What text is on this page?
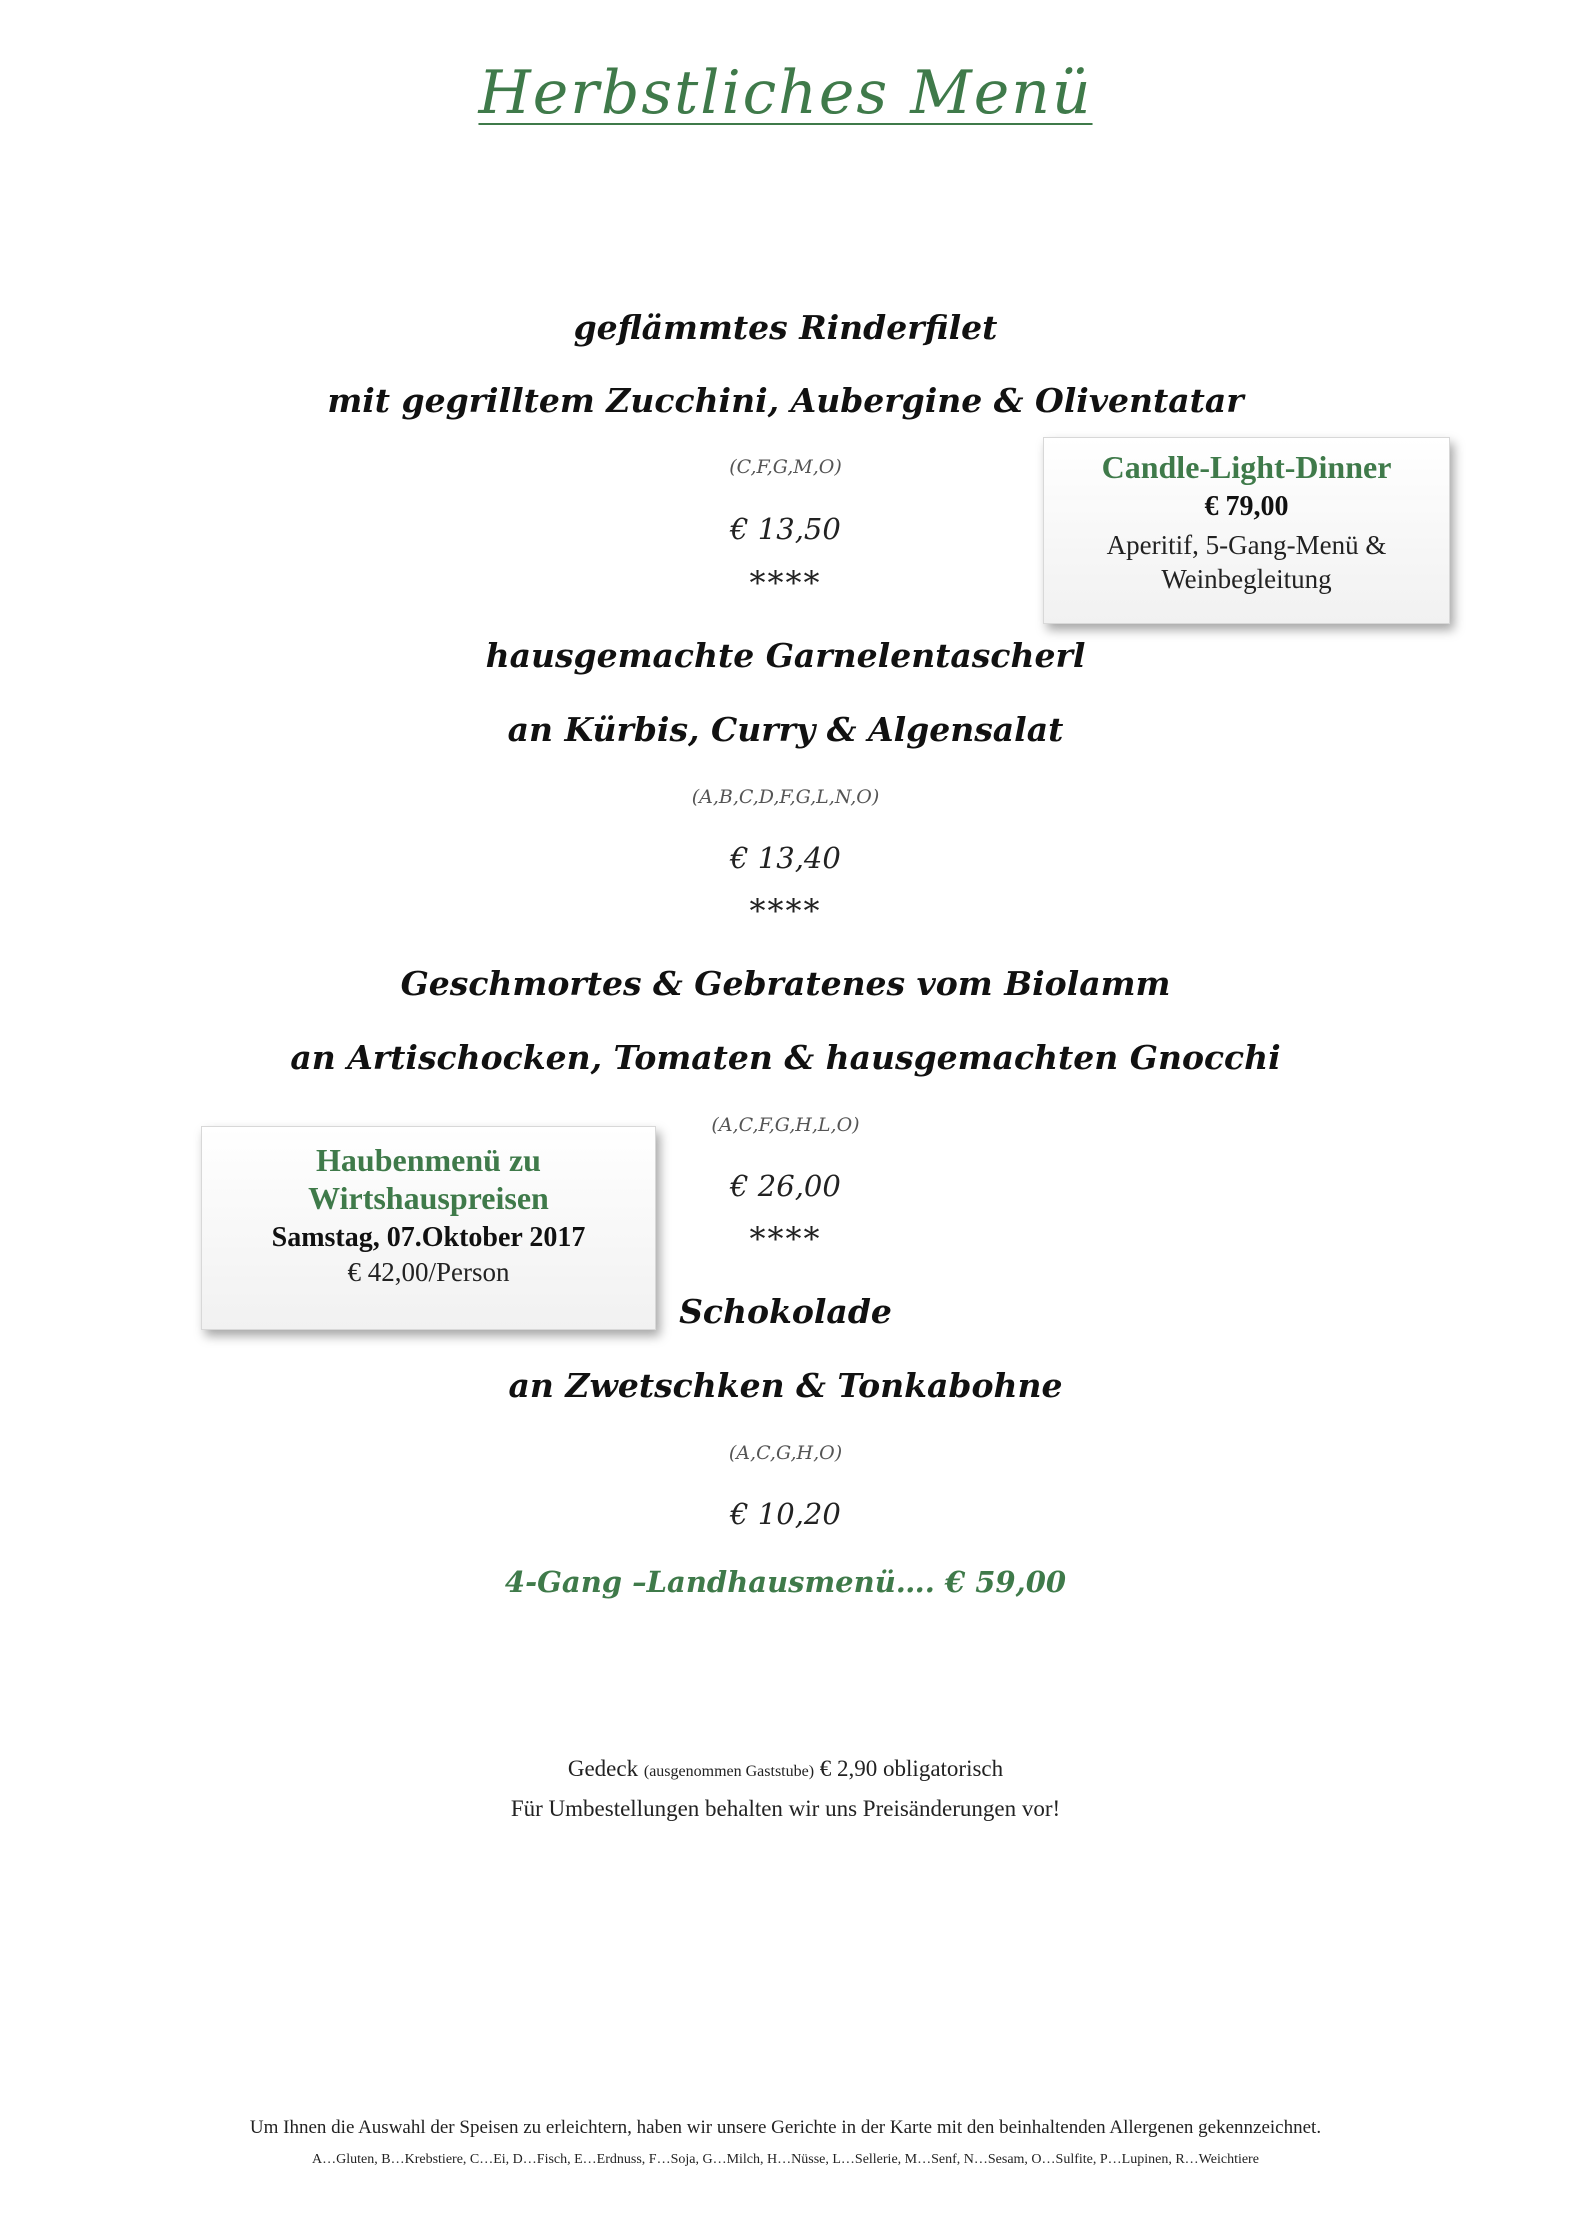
Herbstliches Menü
geflämmtes Rinderfilet
mit gegrilltem Zucchini, Aubergine & Oliventatar
(C,F,G,M,O)
€ 13,50
****
hausgemachte Garnelentascherl
an Kürbis, Curry & Algensalat
(A,B,C,D,F,G,L,N,O)
€ 13,40
****
Geschmortes & Gebratenes vom Biolamm
an Artischocken, Tomaten & hausgemachten Gnocchi
(A,C,F,G,H,L,O)
€ 26,00
****
Schokolade
an Zwetschken & Tonkabohne
(A,C,G,H,O)
€ 10,20
4-Gang –Landhausmenü…. € 59,00
Candle-Light-Dinner
€ 79,00
Aperitif, 5-Gang-Menü &
Weinbegleitung
Haubenmenü zu
Wirtshauspreisen
Samstag, 07.Oktober 2017
€ 42,00/Person
Gedeck (ausgenommen Gaststube) € 2,90 obligatorisch
Für Umbestellungen behalten wir uns Preisänderungen vor!
Um Ihnen die Auswahl der Speisen zu erleichtern, haben wir unsere Gerichte in der Karte mit den beinhaltenden Allergenen gekennzeichnet.
A…Gluten, B…Krebstiere, C…Ei, D…Fisch, E…Erdnuss, F…Soja, G…Milch, H…Nüsse, L…Sellerie, M…Senf, N…Sesam, O…Sulfite, P…Lupinen, R…Weichtiere
